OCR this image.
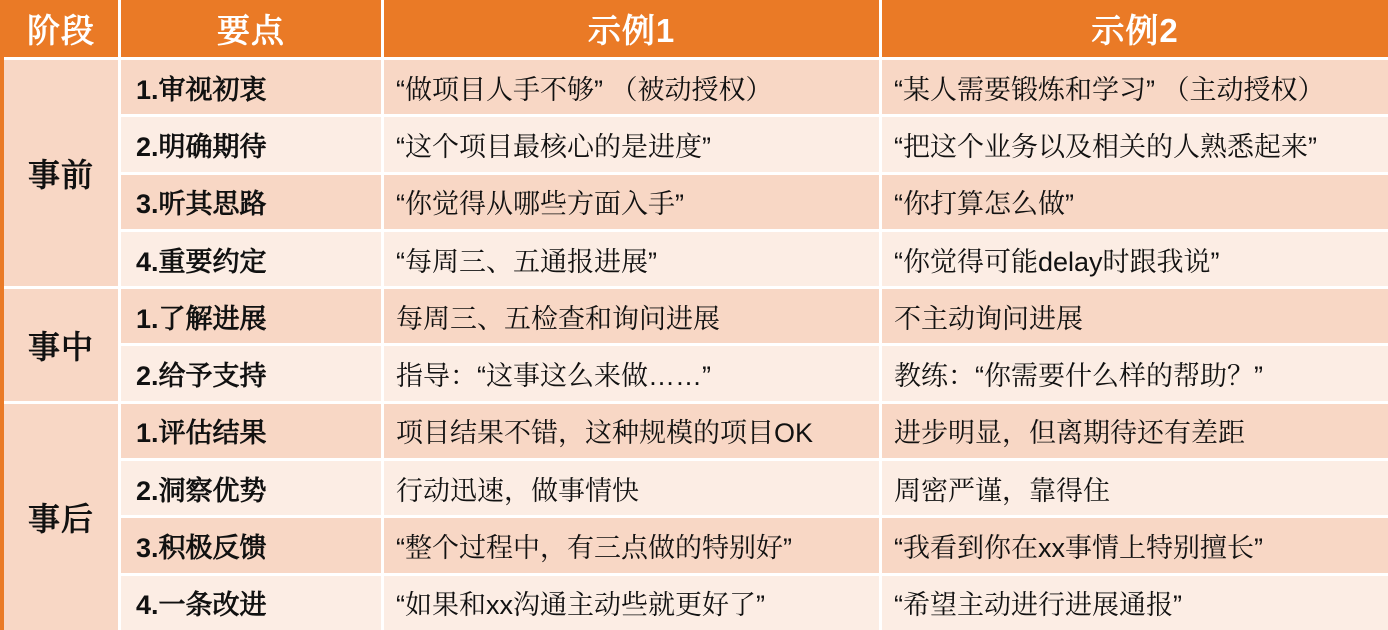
阶段	要点	示例1	示例2
事前
1.审视初衷	“做项目人手不够” （被动授权）	“某人需要锻炼和学习” （主动授权）
2.明确期待	“这个项目最核心的是进度”	“把这个业务以及相关的人熟悉起来”
3.听其思路	“你觉得从哪些方面入手”	“你打算怎么做”
4.重要约定	“每周三、五通报进展”	“你觉得可能delay时跟我说”
事中
1.了解进展	每周三、五检查和询问进展	不主动询问进展
2.给予支持	指导：“这事这么来做……”	教练：“你需要什么样的帮助？”
事后
1.评估结果	项目结果不错，这种规模的项目OK	进步明显，但离期待还有差距
2.洞察优势	行动迅速，做事情快	周密严谨，靠得住
3.积极反馈	“整个过程中，有三点做的特别好”	“我看到你在xx事情上特别擅长”
4.一条改进	“如果和xx沟通主动些就更好了”	“希望主动进行进展通报”
